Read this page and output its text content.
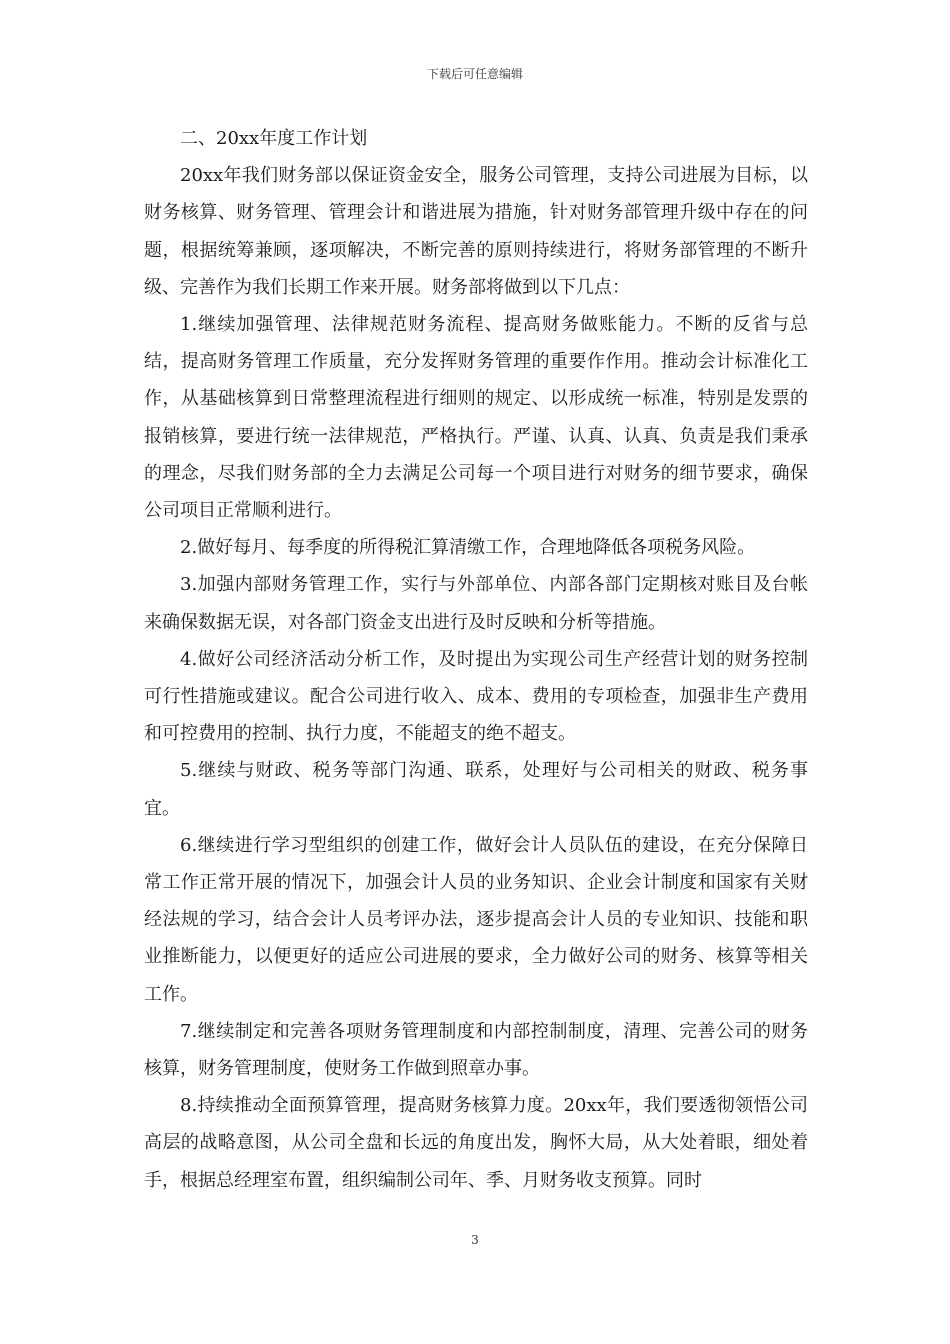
下载后可任意编辑

二、20xx年度工作计划

20xx年我们财务部以保证资金安全，服务公司管理，支持公司进展为目标，以财务核算、财务管理、管理会计和谐进展为措施，针对财务部管理升级中存在的问题，根据统筹兼顾，逐项解决，不断完善的原则持续进行，将财务部管理的不断升级、完善作为我们长期工作来开展。财务部将做到以下几点：

1.继续加强管理、法律规范财务流程、提高财务做账能力。不断的反省与总结，提高财务管理工作质量，充分发挥财务管理的重要作作用。推动会计标准化工作，从基础核算到日常整理流程进行细则的规定、以形成统一标准，特别是发票的报销核算，要进行统一法律规范，严格执行。严谨、认真、认真、负责是我们秉承的理念，尽我们财务部的全力去满足公司每一个项目进行对财务的细节要求，确保公司项目正常顺利进行。

2.做好每月、每季度的所得税汇算清缴工作，合理地降低各项税务风险。

3.加强内部财务管理工作，实行与外部单位、内部各部门定期核对账目及台帐来确保数据无误，对各部门资金支出进行及时反映和分析等措施。

4.做好公司经济活动分析工作，及时提出为实现公司生产经营计划的财务控制可行性措施或建议。配合公司进行收入、成本、费用的专项检查，加强非生产费用和可控费用的控制、执行力度，不能超支的绝不超支。

5.继续与财政、税务等部门沟通、联系，处理好与公司相关的财政、税务事宜。

6.继续进行学习型组织的创建工作，做好会计人员队伍的建设，在充分保障日常工作正常开展的情况下，加强会计人员的业务知识、企业会计制度和国家有关财经法规的学习，结合会计人员考评办法，逐步提高会计人员的专业知识、技能和职业推断能力，以便更好的适应公司进展的要求，全力做好公司的财务、核算等相关工作。

7.继续制定和完善各项财务管理制度和内部控制制度，清理、完善公司的财务核算，财务管理制度，使财务工作做到照章办事。

8.持续推动全面预算管理，提高财务核算力度。20xx年，我们要透彻领悟公司高层的战略意图，从公司全盘和长远的角度出发，胸怀大局，从大处着眼，细处着手，根据总经理室布置，组织编制公司年、季、月财务收支预算。同时

3
